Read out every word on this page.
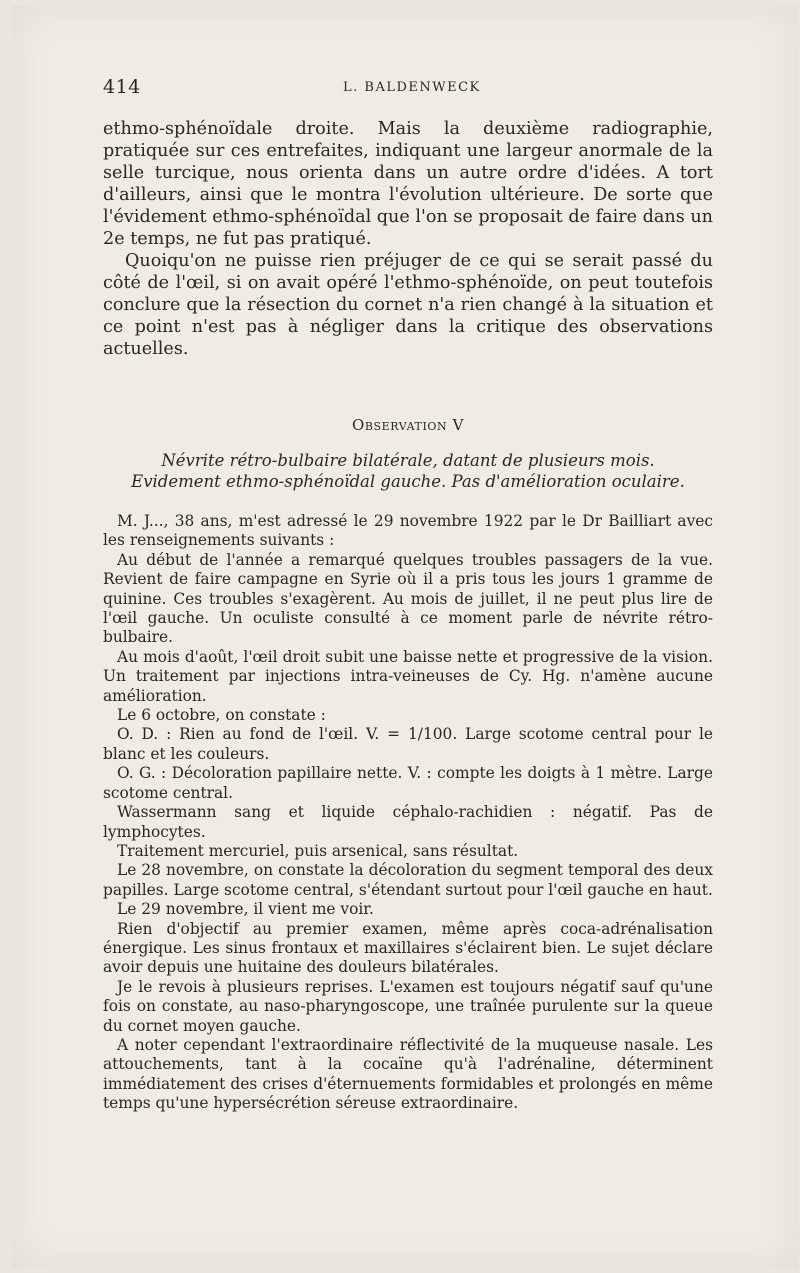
414	L. BALDENWECK

ethmo-sphénoïdale droite. Mais la deuxième radiographie, pratiquée sur ces entrefaites, indiquant une largeur anormale de la selle turcique, nous orienta dans un autre ordre d'idées. A tort d'ailleurs, ainsi que le montra l'évolution ultérieure. De sorte que l'évidement ethmo-sphénoïdal que l'on se proposait de faire dans un 2e temps, ne fut pas pratiqué.

Quoiqu'on ne puisse rien préjuger de ce qui se serait passé du côté de l'œil, si on avait opéré l'ethmo-sphénoïde, on peut toutefois conclure que la résection du cornet n'a rien changé à la situation et ce point n'est pas à négliger dans la critique des observations actuelles.

Observation V
Névrite rétro-bulbaire bilatérale, datant de plusieurs mois.
Evidement ethmo-sphénoïdal gauche. Pas d'amélioration oculaire.

M. J..., 38 ans, m'est adressé le 29 novembre 1922 par le Dr Bailliart avec les renseignements suivants :

Au début de l'année a remarqué quelques troubles passagers de la vue. Revient de faire campagne en Syrie où il a pris tous les jours 1 gramme de quinine. Ces troubles s'exagèrent. Au mois de juillet, il ne peut plus lire de l'œil gauche. Un oculiste consulté à ce moment parle de névrite rétro-bulbaire.

Au mois d'août, l'œil droit subit une baisse nette et progressive de la vision. Un traitement par injections intra-veineuses de Cy. Hg. n'amène aucune amélioration.

Le 6 octobre, on constate :

O. D. : Rien au fond de l'œil. V. = 1/100. Large scotome central pour le blanc et les couleurs.

O. G. : Décoloration papillaire nette. V. : compte les doigts à 1 mètre. Large scotome central.

Wassermann sang et liquide céphalo-rachidien : négatif. Pas de lymphocytes.

Traitement mercuriel, puis arsenical, sans résultat.

Le 28 novembre, on constate la décoloration du segment temporal des deux papilles. Large scotome central, s'étendant surtout pour l'œil gauche en haut.

Le 29 novembre, il vient me voir.

Rien d'objectif au premier examen, même après coca-adrénalisation énergique. Les sinus frontaux et maxillaires s'éclairent bien. Le sujet déclare avoir depuis une huitaine des douleurs bilatérales.

Je le revois à plusieurs reprises. L'examen est toujours négatif sauf qu'une fois on constate, au naso-pharyngoscope, une traînée purulente sur la queue du cornet moyen gauche.

A noter cependant l'extraordinaire réflectivité de la muqueuse nasale. Les attouchements, tant à la cocaïne qu'à l'adrénaline, déterminent immédiatement des crises d'éternuements formidables et prolongés en même temps qu'une hypersécrétion séreuse extraordinaire.
